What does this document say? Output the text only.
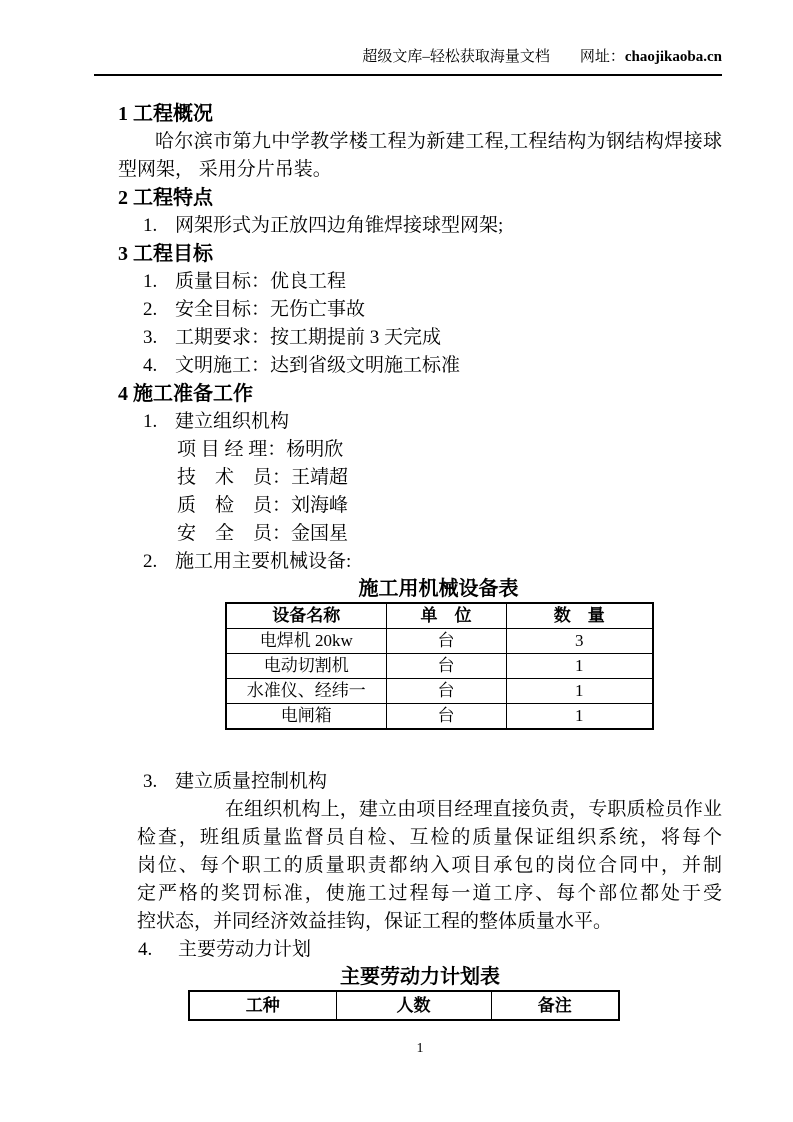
超级文库–轻松获取海量文档 网址：chaojikaoba.cn
1 工程概况
哈尔滨市第九中学教学楼工程为新建工程,工程结构为钢结构焊接球
型网架， 采用分片吊装。
2 工程特点
1. 网架形式为正放四边角锥焊接球型网架;
3 工程目标
1. 质量目标：优良工程
2. 安全目标：无伤亡事故
3. 工期要求：按工期提前 3 天完成
4. 文明施工：达到省级文明施工标准
4 施工准备工作
1. 建立组织机构
项 目 经 理：杨明欣
技　术　员：王靖超
质　检　员：刘海峰
安　全　员：金国星
2. 施工用主要机械设备:
施工用机械设备表
设备名称	单　位	数　量
电焊机 20kw	台	3
电动切割机	台	1
水准仪、经纬一	台	1
电闸箱	台	1
3. 建立质量控制机构
在组织机构上，建立由项目经理直接负责，专职质检员作业
检查，班组质量监督员自检、互检的质量保证组织系统，将每个
岗位、每个职工的质量职责都纳入项目承包的岗位合同中，并制
定严格的奖罚标准，使施工过程每一道工序、每个部位都处于受
控状态，并同经济效益挂钩，保证工程的整体质量水平。
4. 主要劳动力计划
主要劳动力计划表
工种	人数	备注
1
